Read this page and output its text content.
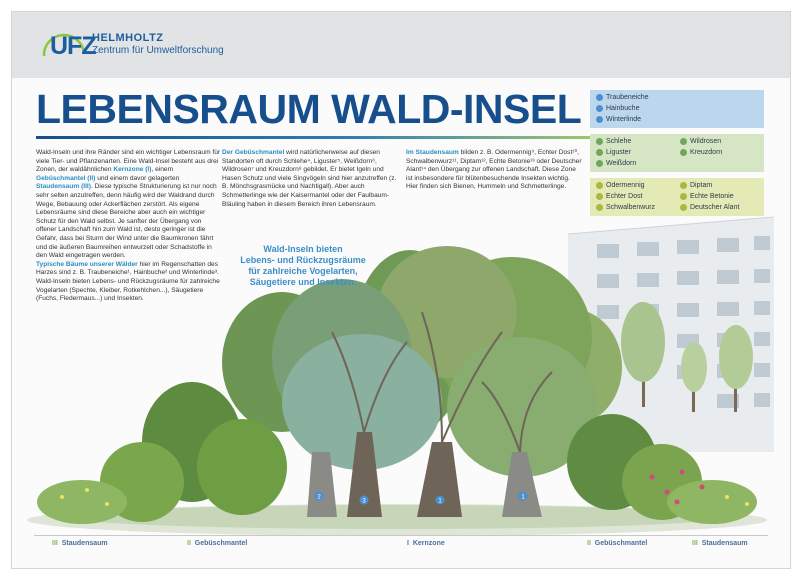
UFZ
HELMHOLTZ
Zentrum für Umweltforschung
LEBENSRAUM WALD-INSEL

Wald-Inseln und ihre Ränder sind ein wichtiger Lebensraum für viele Tier- und Pflanzenarten. Eine Wald-Insel besteht aus drei Zonen, der waldähnlichen Kernzone (I), einem Gebüschmantel (II) und einem davor gelagerten Staudensaum (III). Diese typische Strukturierung ist nur noch sehr selten anzutreffen, denn häufig wird der Waldrand durch Wege, Bebauung oder Ackerflächen zerstört. Als eigene Lebensräume sind diese Bereiche aber auch ein wichtiger Schutz für den Wald selbst. Je sanfter der Übergang von offener Landschaft hin zum Wald ist, desto geringer ist die Gefahr, dass bei Sturm der Wind unter die Baumkronen fährt und die äußeren Baumreihen entwurzelt oder Schadstoffe in den Wald eingetragen werden.

Typische Bäume unserer Wälder hier im Regenschatten des Harzes sind z. B. Traubeneiche¹, Hainbuche² und Winterlinde³. Wald-Inseln bieten Lebens- und Rückzugsräume für zahlreiche Vogelarten (Spechte, Kleiber, Rotkehlchen...), Säugetiere (Fuchs, Fledermaus...) und Insekten.

Der Gebüschmantel wird natürlicherweise auf diesen Standorten oft durch Schlehe⁴, Liguster⁵, Weißdorn⁶, Wildrosen⁷ und Kreuzdorn⁸ gebildet. Er bietet Igeln und Hasen Schutz und viele Singvögeln sind hier anzutreffen (z. B. Mönchsgrasmücke und Nachtigall). Aber auch Schmetterlinge wie der Kaisermantel oder der Faulbaum-Bläuling haben in diesem Bereich ihren Lebensraum.

Im Staudensaum bilden z. B. Odermennig⁹, Echter Dost¹⁰, Schwalbenwurz¹¹, Diptam¹², Echte Betonie¹³ oder Deutscher Alant¹⁴ den Übergang zur offenen Landschaft. Diese Zone ist insbesondere für blütenbesuchende Insekten wichtig. Hier finden sich Bienen, Hummeln und Schmetterlinge.

2
3	1
1
Wald-Inseln bieten
Lebens- und Rückzugsräume
für zahlreiche Vogelarten,
Säugetiere und Insekten.
Traubeneiche
Hainbuche
Winterlinde
Schlehe
Liguster
Weißdorn
Wildrosen
Kreuzdorn
Odermennig
Echter Dost
Schwalbenwurz
Diptam
Echte Betonie
Deutscher Alant
III Staudensaum	II Gebüschmantel	I Kernzone	II Gebüschmantel	III Staudensaum
